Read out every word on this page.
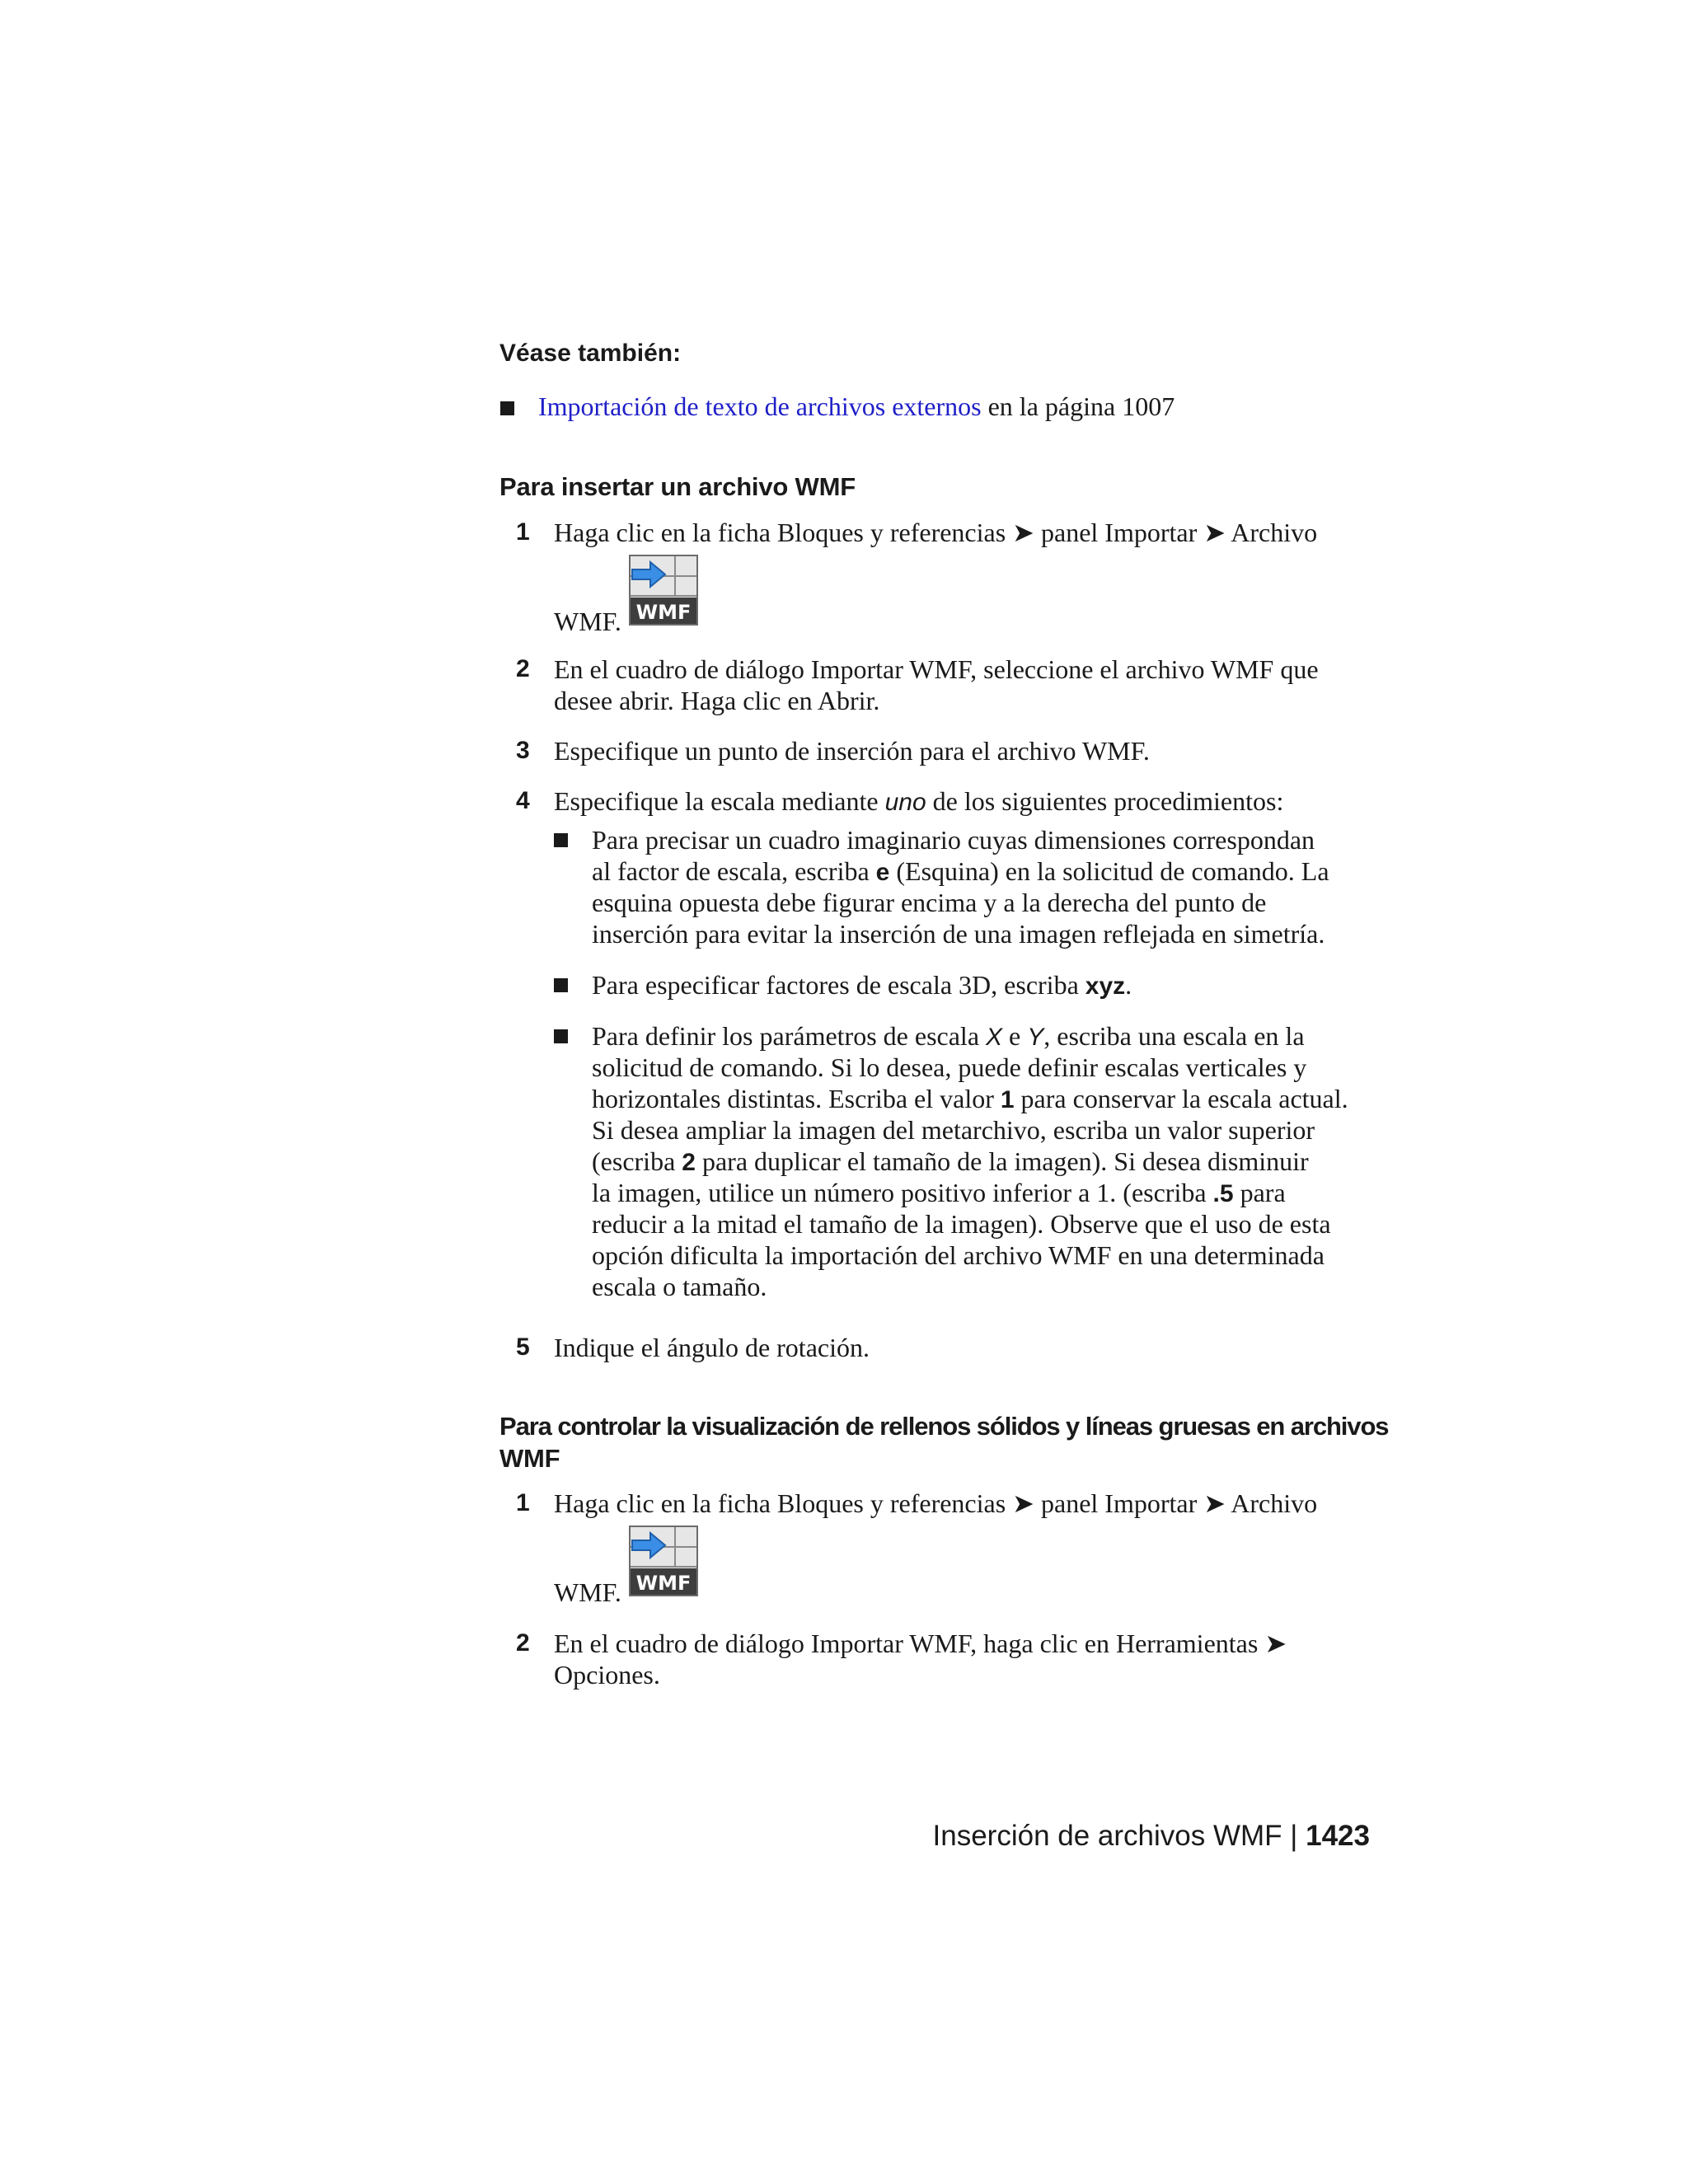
Véase también:
Importación de texto de archivos externos en la página 1007
Para insertar un archivo WMF
1 Haga clic en la ficha Bloques y referencias ➤ panel Importar ➤ Archivo
WMF. WMF
2 En el cuadro de diálogo Importar WMF, seleccione el archivo WMF que
desee abrir. Haga clic en Abrir.
3 Especifique un punto de inserción para el archivo WMF.
4 Especifique la escala mediante uno de los siguientes procedimientos:
Para precisar un cuadro imaginario cuyas dimensiones correspondan
al factor de escala, escriba e (Esquina) en la solicitud de comando. La
esquina opuesta debe figurar encima y a la derecha del punto de
inserción para evitar la inserción de una imagen reflejada en simetría.
Para especificar factores de escala 3D, escriba xyz.
Para definir los parámetros de escala X e Y, escriba una escala en la
solicitud de comando. Si lo desea, puede definir escalas verticales y
horizontales distintas. Escriba el valor 1 para conservar la escala actual.
Si desea ampliar la imagen del metarchivo, escriba un valor superior
(escriba 2 para duplicar el tamaño de la imagen). Si desea disminuir
la imagen, utilice un número positivo inferior a 1. (escriba .5 para
reducir a la mitad el tamaño de la imagen). Observe que el uso de esta
opción dificulta la importación del archivo WMF en una determinada
escala o tamaño.
5 Indique el ángulo de rotación.
Para controlar la visualización de rellenos sólidos y líneas gruesas en archivos
WMF
1 Haga clic en la ficha Bloques y referencias ➤ panel Importar ➤ Archivo
WMF. WMF
2 En el cuadro de diálogo Importar WMF, haga clic en Herramientas ➤
Opciones.
Inserción de archivos WMF | 1423
